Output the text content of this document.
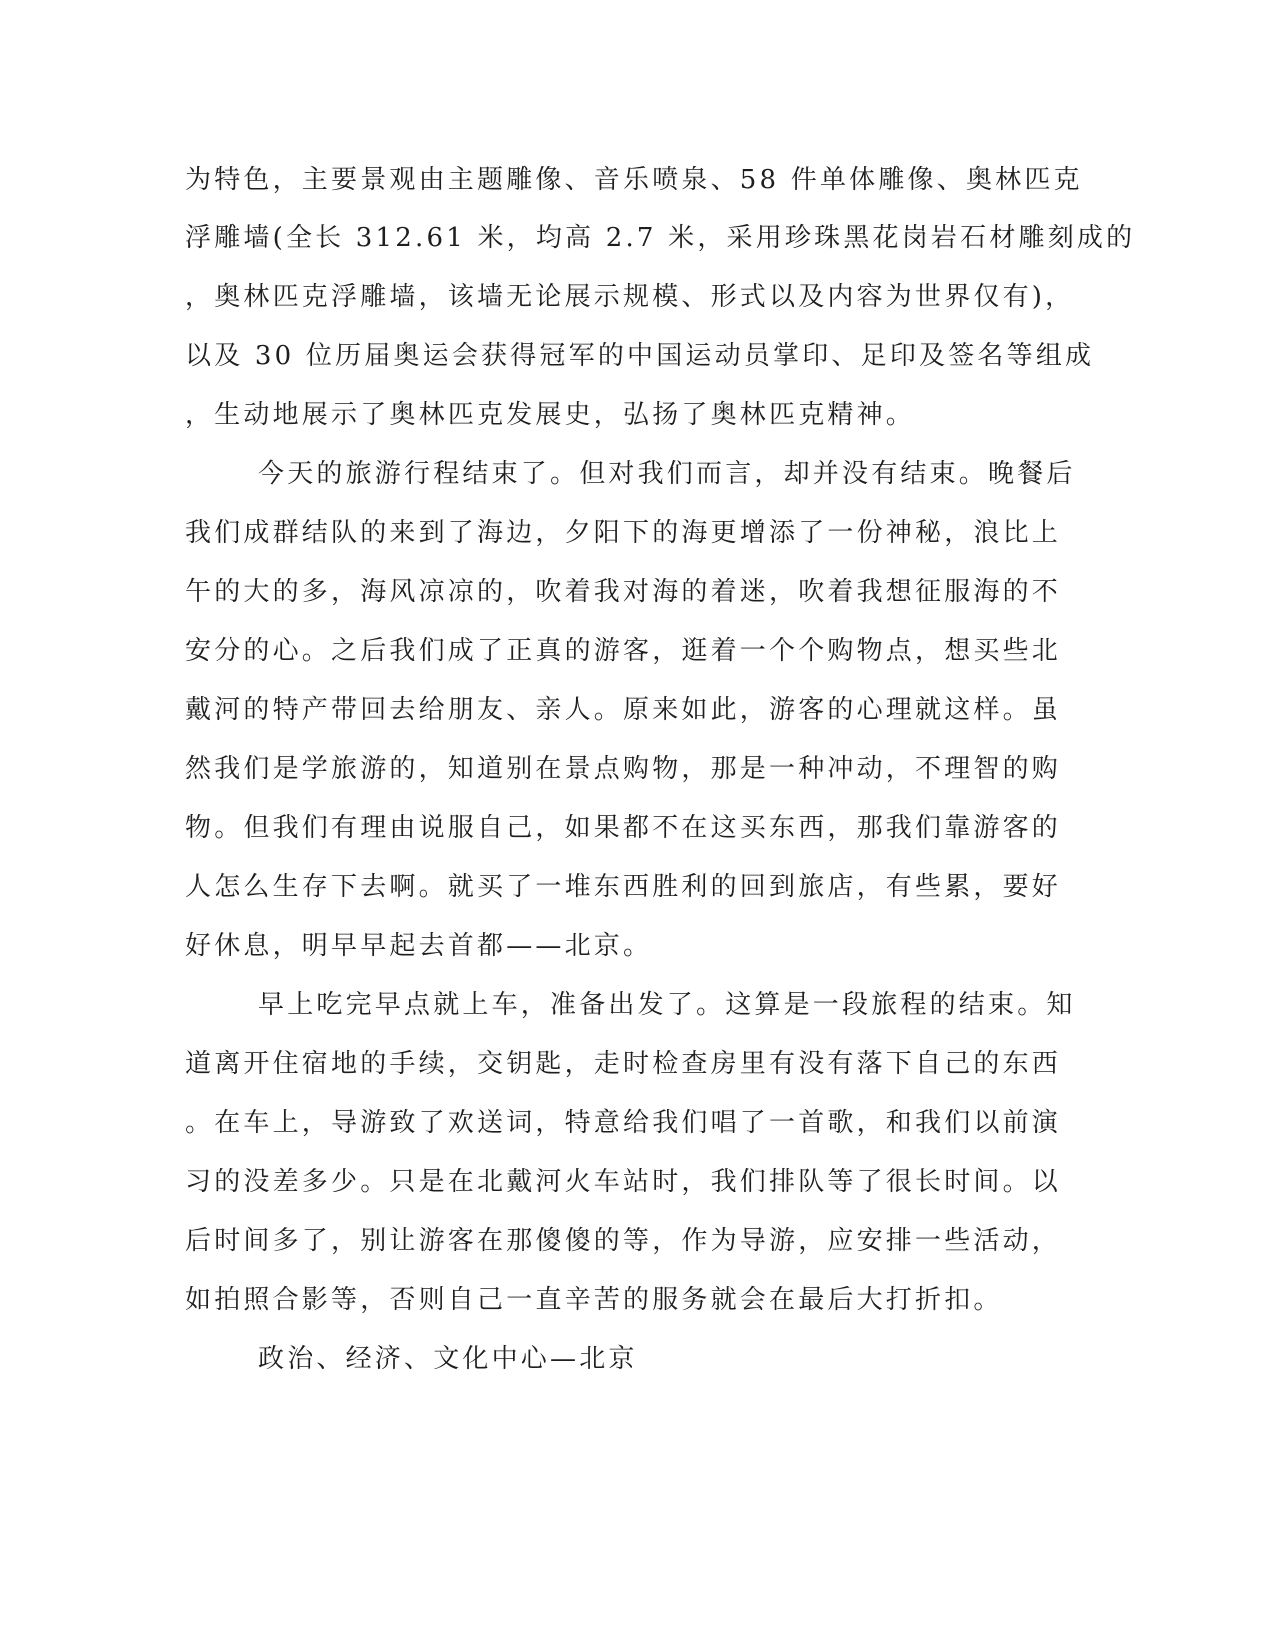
为特色，主要景观由主题雕像、音乐喷泉、58 件单体雕像、奥林匹克

浮雕墙(全长 312.61 米，均高 2.7 米，采用珍珠黑花岗岩石材雕刻成的

，奥林匹克浮雕墙，该墙无论展示规模、形式以及内容为世界仅有)，

以及 30 位历届奥运会获得冠军的中国运动员掌印、足印及签名等组成

，生动地展示了奥林匹克发展史，弘扬了奥林匹克精神。

今天的旅游行程结束了。但对我们而言，却并没有结束。晚餐后

我们成群结队的来到了海边，夕阳下的海更增添了一份神秘，浪比上

午的大的多，海风凉凉的，吹着我对海的着迷，吹着我想征服海的不

安分的心。之后我们成了正真的游客，逛着一个个购物点，想买些北

戴河的特产带回去给朋友、亲人。原来如此，游客的心理就这样。虽

然我们是学旅游的，知道别在景点购物，那是一种冲动，不理智的购

物。但我们有理由说服自己，如果都不在这买东西，那我们靠游客的

人怎么生存下去啊。就买了一堆东西胜利的回到旅店，有些累，要好

好休息，明早早起去首都——北京。

早上吃完早点就上车，准备出发了。这算是一段旅程的结束。知

道离开住宿地的手续，交钥匙，走时检查房里有没有落下自己的东西

。在车上，导游致了欢送词，特意给我们唱了一首歌，和我们以前演

习的没差多少。只是在北戴河火车站时，我们排队等了很长时间。以

后时间多了，别让游客在那傻傻的等，作为导游，应安排一些活动，

如拍照合影等，否则自己一直辛苦的服务就会在最后大打折扣。

政治、经济、文化中心—北京
